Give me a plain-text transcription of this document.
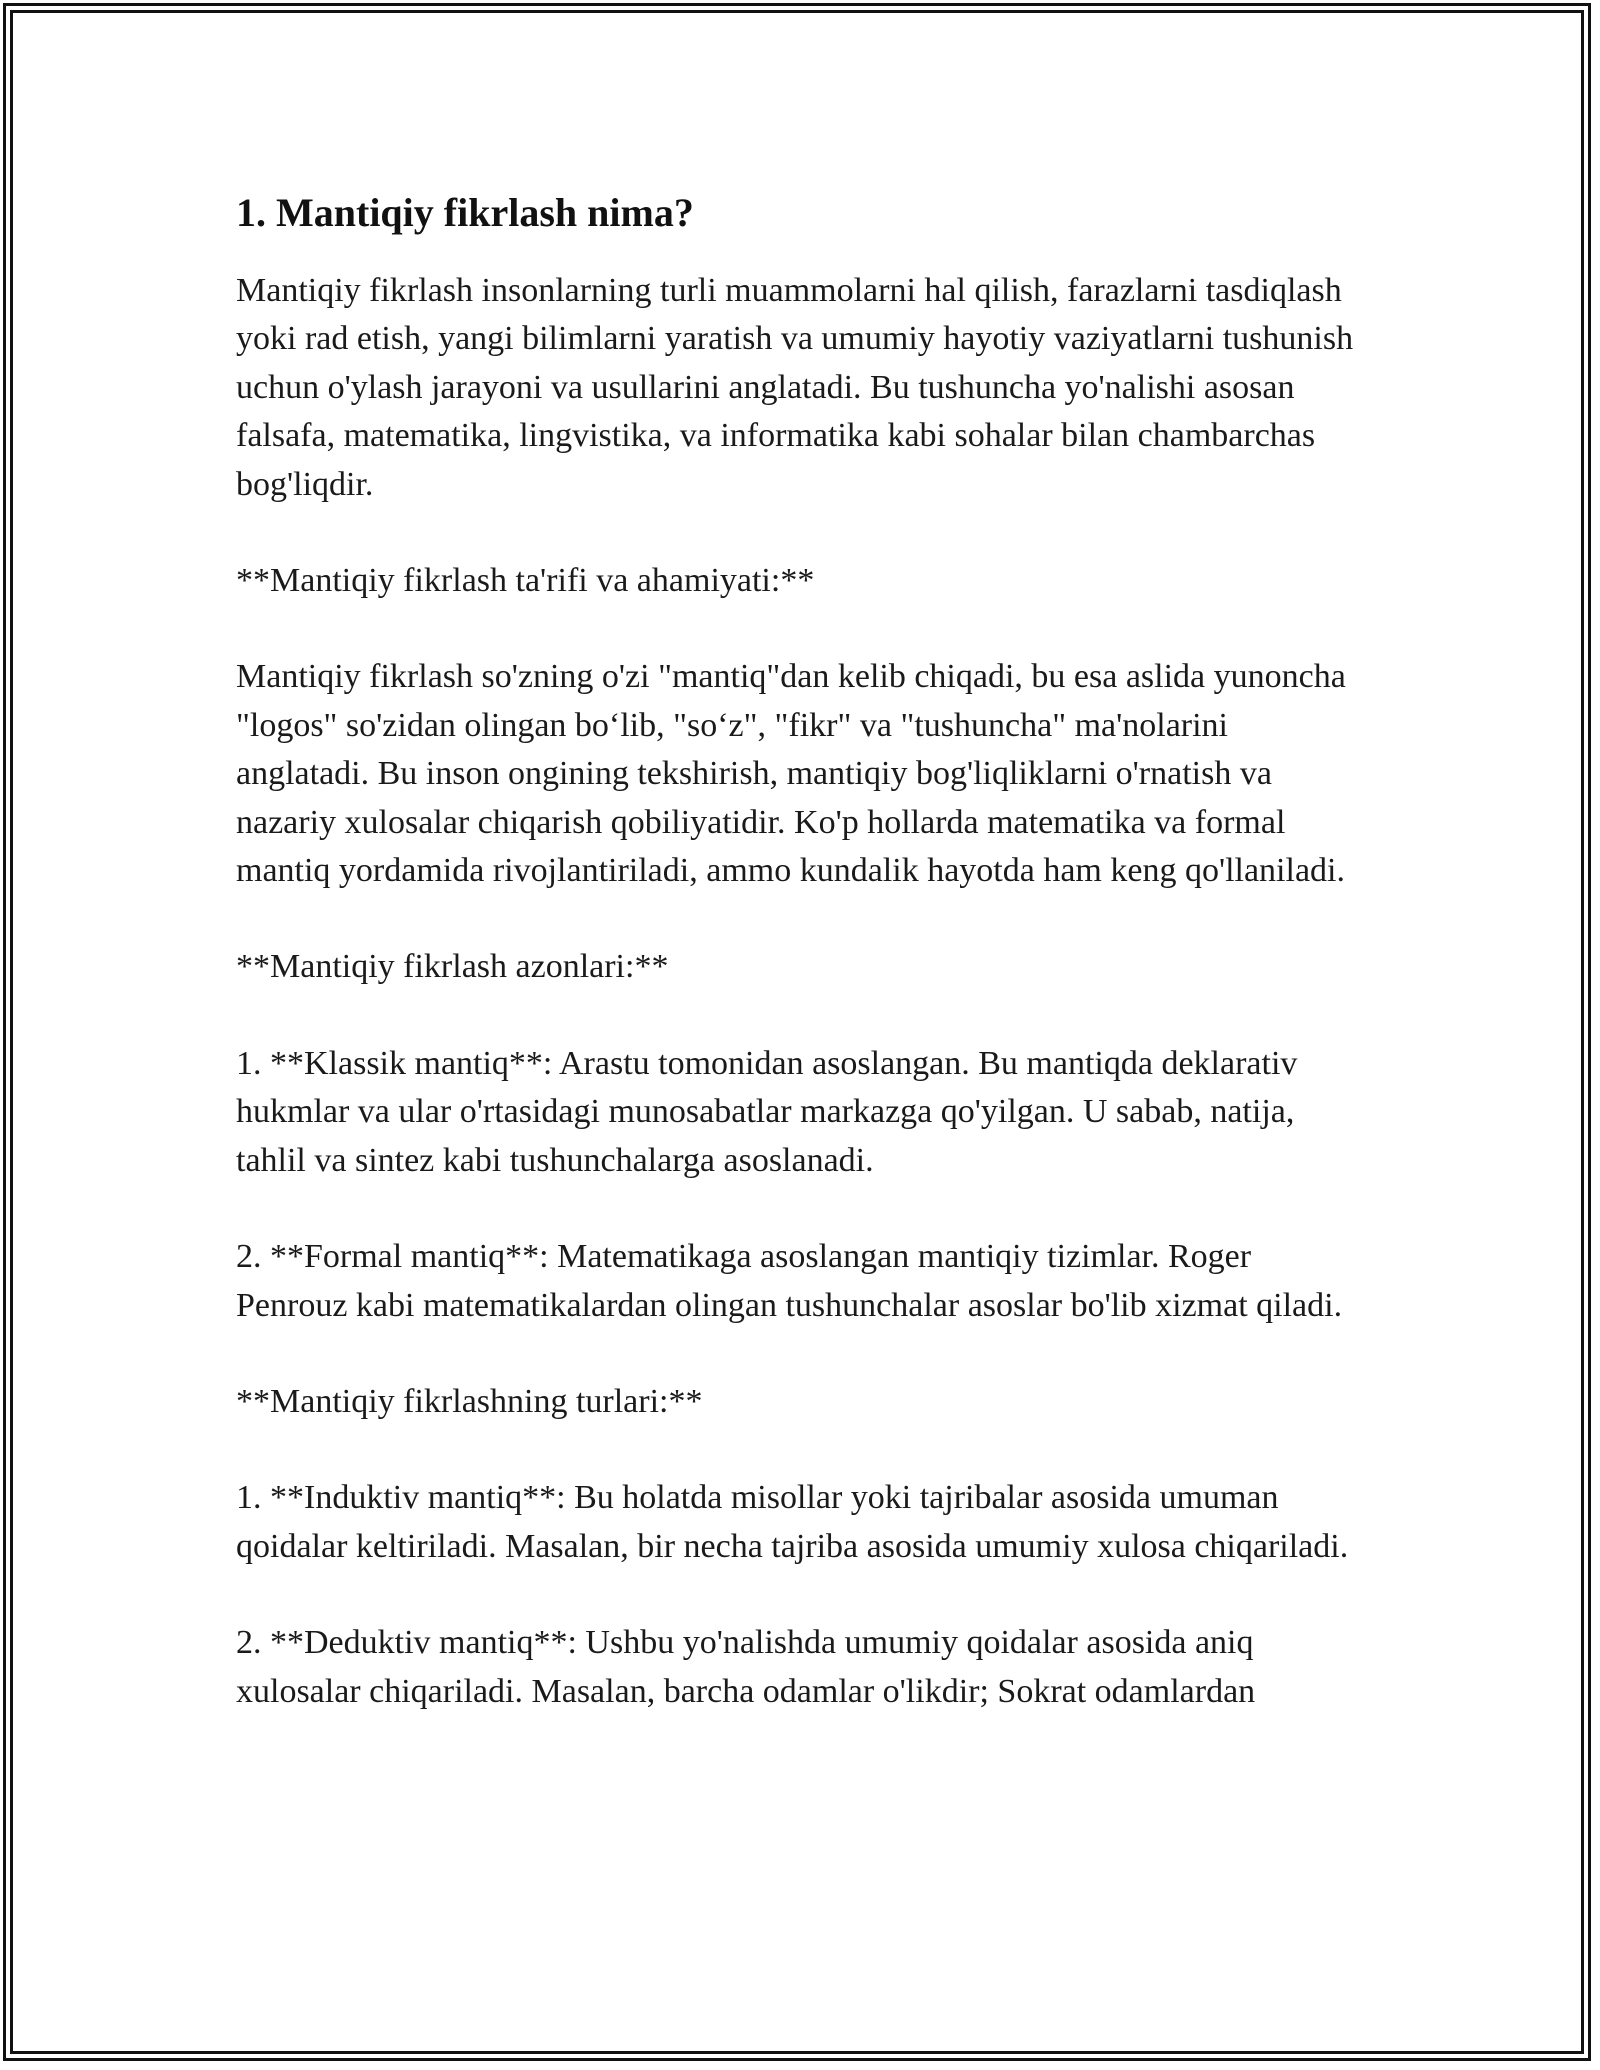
1. Mantiqiy fikrlash nima?

Mantiqiy fikrlash insonlarning turli muammolarni hal qilish, farazlarni tasdiqlash yoki rad etish, yangi bilimlarni yaratish va umumiy hayotiy vaziyatlarni tushunish uchun o'ylash jarayoni va usullarini anglatadi. Bu tushuncha yo'nalishi asosan falsafa, matematika, lingvistika, va informatika kabi sohalar bilan chambarchas bog'liqdir.

**Mantiqiy fikrlash ta'rifi va ahamiyati:**

Mantiqiy fikrlash so'zning o'zi "mantiq"dan kelib chiqadi, bu esa aslida yunoncha "logos" so'zidan olingan bo‘lib, "so‘z", "fikr" va "tushuncha" ma'nolarini anglatadi. Bu inson ongining tekshirish, mantiqiy bog'liqliklarni o'rnatish va nazariy xulosalar chiqarish qobiliyatidir. Ko'p hollarda matematika va formal mantiq yordamida rivojlantiriladi, ammo kundalik hayotda ham keng qo'llaniladi.

**Mantiqiy fikrlash azonlari:**

1. **Klassik mantiq**: Arastu tomonidan asoslangan. Bu mantiqda deklarativ hukmlar va ular o'rtasidagi munosabatlar markazga qo'yilgan. U sabab, natija, tahlil va sintez kabi tushunchalarga asoslanadi.

2. **Formal mantiq**: Matematikaga asoslangan mantiqiy tizimlar. Roger Penrouz kabi matematikalardan olingan tushunchalar asoslar bo'lib xizmat qiladi.

**Mantiqiy fikrlashning turlari:**

1. **Induktiv mantiq**: Bu holatda misollar yoki tajribalar asosida umuman qoidalar keltiriladi. Masalan, bir necha tajriba asosida umumiy xulosa chiqariladi.

2. **Deduktiv mantiq**: Ushbu yo'nalishda umumiy qoidalar asosida aniq xulosalar chiqariladi. Masalan, barcha odamlar o'likdir; Sokrat odamlardan
